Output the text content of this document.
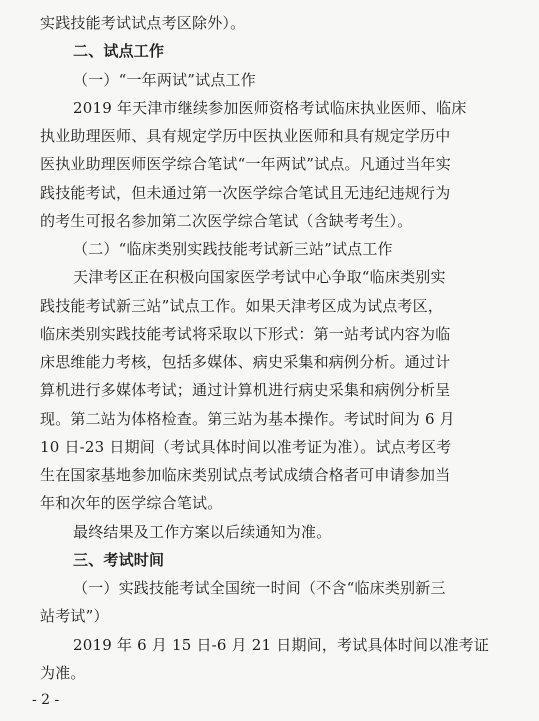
实践技能考试试点考区除外）。
二、试点工作
（一）“一年两试”试点工作
2019 年天津市继续参加医师资格考试临床执业医师、临床
执业助理医师、具有规定学历中医执业医师和具有规定学历中
医执业助理医师医学综合笔试“一年两试”试点。凡通过当年实
践技能考试，但未通过第一次医学综合笔试且无违纪违规行为
的考生可报名参加第二次医学综合笔试（含缺考考生）。
（二）“临床类别实践技能考试新三站”试点工作
天津考区正在积极向国家医学考试中心争取“临床类别实
践技能考试新三站”试点工作。如果天津考区成为试点考区，
临床类别实践技能考试将采取以下形式：第一站考试内容为临
床思维能力考核，包括多媒体、病史采集和病例分析。通过计
算机进行多媒体考试；通过计算机进行病史采集和病例分析呈
现。第二站为体格检查。第三站为基本操作。考试时间为 6 月
10 日-23 日期间（考试具体时间以准考证为准）。试点考区考
生在国家基地参加临床类别试点考试成绩合格者可申请参加当
年和次年的医学综合笔试。
最终结果及工作方案以后续通知为准。
三、考试时间
（一）实践技能考试全国统一时间（不含“临床类别新三
- 2 -
站考试”）
2019 年 6 月 15 日-6 月 21 日期间，考试具体时间以准考证
为准。
